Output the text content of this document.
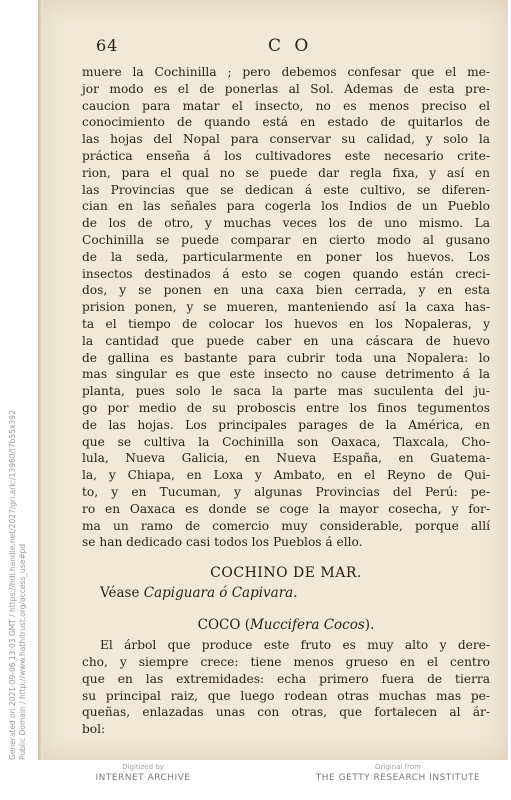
64	C O
muere la Cochinilla ; pero debemos confesar que el me-
jor modo es el de ponerlas al Sol. Ademas de esta pre-
caucion para matar el insecto, no es menos preciso el
conocimiento de quando está en estado de quitarlos de
las hojas del Nopal para conservar su calidad, y solo la
práctica enseña á los cultivadores este necesario crite-
rion, para el qual no se puede dar regla fixa, y así en
las Provincias que se dedican á este cultivo, se diferen-
cian en las señales para cogerla los Indios de un Pueblo
de los de otro, y muchas veces los de uno mismo. La
Cochinilla se puede comparar en cierto modo al gusano
de la seda, particularmente en poner los huevos. Los
insectos destinados á esto se cogen quando están creci-
dos, y se ponen en una caxa bien cerrada, y en esta
prision ponen, y se mueren, manteniendo así la caxa has-
ta el tiempo de colocar los huevos en los Nopaleras, y
la cantidad que puede caber en una cáscara de huevo
de gallina es bastante para cubrir toda una Nopalera: lo
mas singular es que este insecto no cause detrimento á la
planta, pues solo le saca la parte mas suculenta del ju-
go por medio de su proboscis entre los finos tegumentos
de las hojas. Los principales parages de la América, en
que se cultiva la Cochinilla son Oaxaca, Tlaxcala, Cho-
lula, Nueva Galicia, en Nueva España, en Guatema-
la, y Chiapa, en Loxa y Ambato, en el Reyno de Qui-
to, y en Tucuman, y algunas Provincias del Perú: pe-
ro en Oaxaca es donde se coge la mayor cosecha, y for-
ma un ramo de comercio muy considerable, porque allí
se han dedicado casi todos los Pueblos á ello.
COCHINO DE MAR.
Véase Capiguara ó Capivara.
COCO (Muccifera Cocos).
El árbol que produce este fruto es muy alto y dere-
cho, y siempre crece: tiene menos grueso en el centro
que en las extremidades: echa primero fuera de tierra
su principal raiz, que luego rodean otras muchas mas pe-
queñas, enlazadas unas con otras, que fortalecen al ár-
bol:
Generated on 2021-09-06 13:03 GMT / https://hdl.handle.net/2027/gri.ark:/13960/t7b55x392 Public Domain / http://www.hathitrust.org/access_use#pd
Digitized by
INTERNET ARCHIVE
Original from
THE GETTY RESEARCH INSTITUTE
